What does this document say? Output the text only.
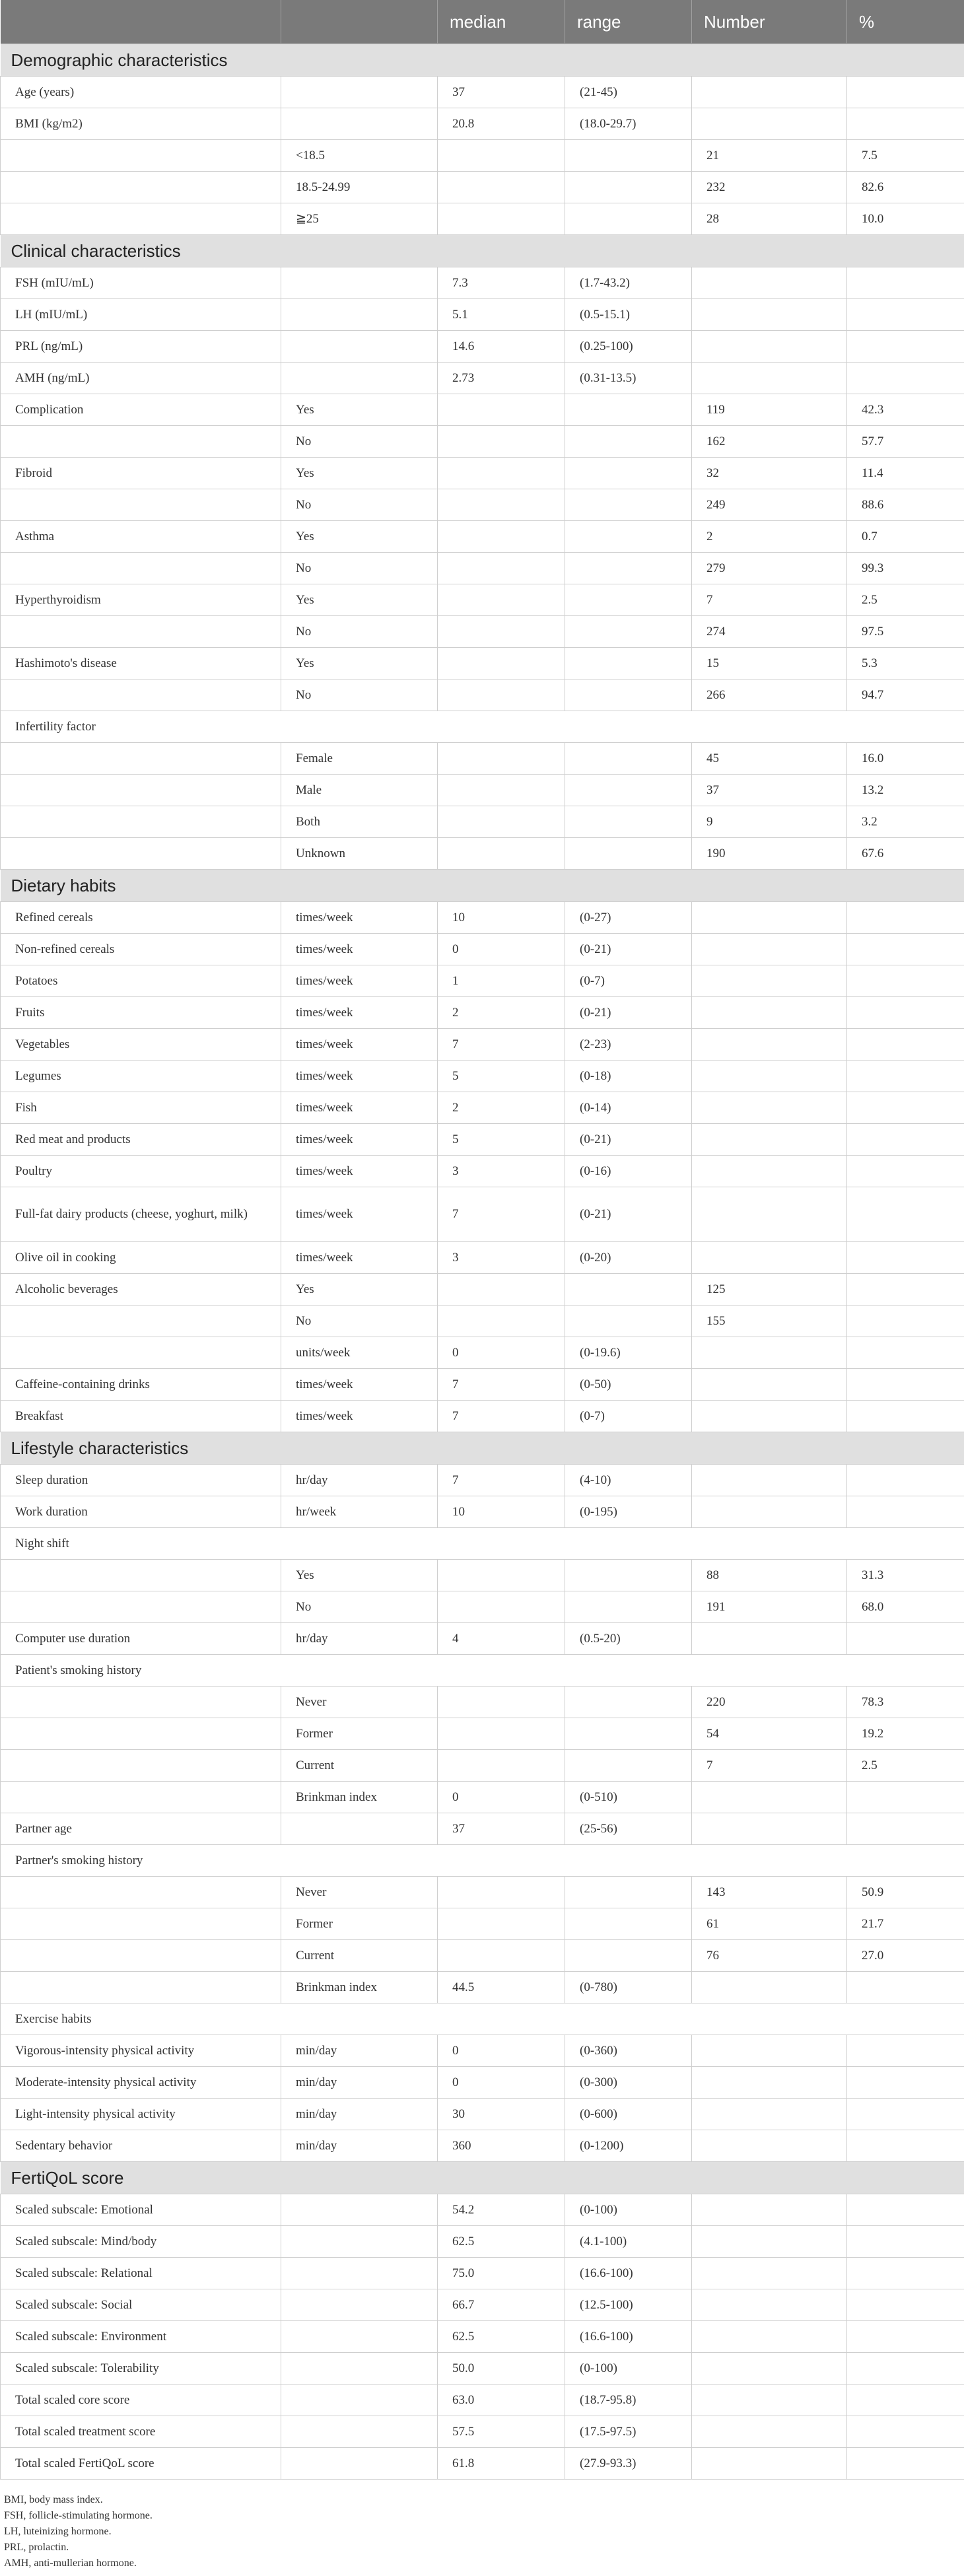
		median	range	Number	%
Demographic characteristics					
Age (years)		37	(21-45)		
BMI (kg/m2)		20.8	(18.0-29.7)		
	<18.5			21	7.5
	18.5-24.99			232	82.6
	≧25			28	10.0
Clinical characteristics					
FSH (mIU/mL)		7.3	(1.7-43.2)		
LH (mIU/mL)		5.1	(0.5-15.1)		
PRL (ng/mL)		14.6	(0.25-100)		
AMH (ng/mL)		2.73	(0.31-13.5)		
Complication	Yes			119	42.3
	No			162	57.7
Fibroid	Yes			32	11.4
	No			249	88.6
Asthma	Yes			2	0.7
	No			279	99.3
Hyperthyroidism	Yes			7	2.5
	No			274	97.5
Hashimoto's disease	Yes			15	5.3
	No			266	94.7
Infertility factor					
	Female			45	16.0
	Male			37	13.2
	Both			9	3.2
	Unknown			190	67.6
Dietary habits					
Refined cereals	times/week	10	(0-27)		
Non-refined cereals	times/week	0	(0-21)		
Potatoes	times/week	1	(0-7)		
Fruits	times/week	2	(0-21)		
Vegetables	times/week	7	(2-23)		
Legumes	times/week	5	(0-18)		
Fish	times/week	2	(0-14)		
Red meat and products	times/week	5	(0-21)		
Poultry	times/week	3	(0-16)		
Full-fat dairy products (cheese, yoghurt, milk)	times/week	7	(0-21)		
Olive oil in cooking	times/week	3	(0-20)		
Alcoholic beverages	Yes			125	
	No			155	
	units/week	0	(0-19.6)		
Caffeine-containing drinks	times/week	7	(0-50)		
Breakfast	times/week	7	(0-7)		
Lifestyle characteristics					
Sleep duration	hr/day	7	(4-10)		
Work duration	hr/week	10	(0-195)		
Night shift					
	Yes			88	31.3
	No			191	68.0
Computer use duration	hr/day	4	(0.5-20)		
Patient's smoking history					
	Never			220	78.3
	Former			54	19.2
	Current			7	2.5
	Brinkman index	0	(0-510)		
Partner age		37	(25-56)		
Partner's smoking history					
	Never			143	50.9
	Former			61	21.7
	Current			76	27.0
	Brinkman index	44.5	(0-780)		
Exercise habits					
Vigorous-intensity physical activity	min/day	0	(0-360)		
Moderate-intensity physical activity	min/day	0	(0-300)		
Light-intensity physical activity	min/day	30	(0-600)		
Sedentary behavior	min/day	360	(0-1200)		
FertiQoL score					
Scaled subscale: Emotional		54.2	(0-100)		
Scaled subscale: Mind/body		62.5	(4.1-100)		
Scaled subscale: Relational		75.0	(16.6-100)		
Scaled subscale: Social		66.7	(12.5-100)		
Scaled subscale: Environment		62.5	(16.6-100)		
Scaled subscale: Tolerability		50.0	(0-100)		
Total scaled core score		63.0	(18.7-95.8)		
Total scaled treatment score		57.5	(17.5-97.5)		
Total scaled FertiQoL score		61.8	(27.9-93.3)		
BMI, body mass index.
FSH, follicle-stimulating hormone.
LH, luteinizing hormone.
PRL, prolactin.
AMH, anti-mullerian hormone.
